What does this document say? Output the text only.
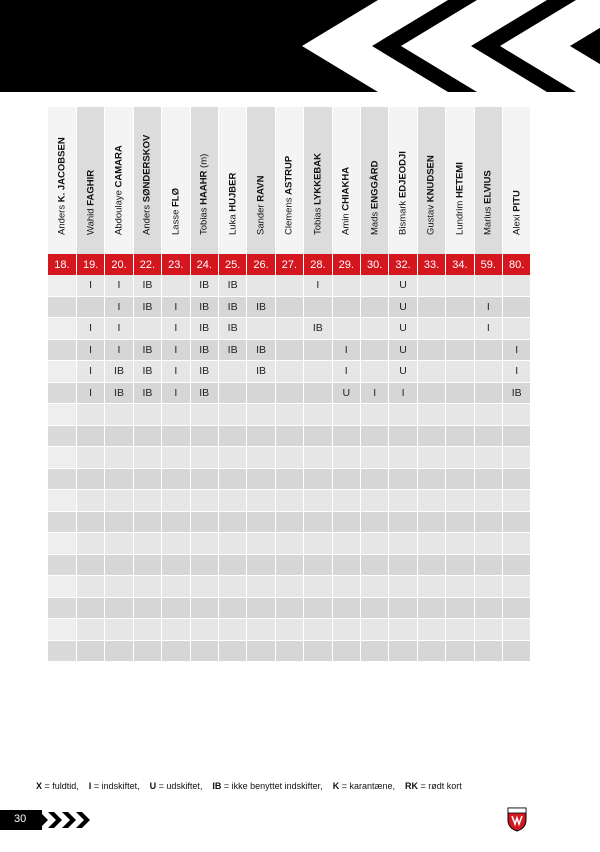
Anders K. JACOBSEN	Wahid FAGHIR	Abdoulaye CAMARA	Anders SØNDERSKOV	Lasse FLØ	Tobias HAAHR (m)	Luka HUJBER	Sander RAVN	Clemens ASTRUP	Tobias LYKKEBAK	Amin CHIAKHA	Mads ENGGÅRD	Bismark EDJEODJI	Gustav KNUDSEN	Lundrim HETEMI	Marius ELVIUS	Alexi PITU

18.	19.	20.	22.	23.	24.	25.	26.	27.	28.	29.	30.	32.	33.	34.	59.	80.
	I	I	IB		IB	IB			I			U				
		I	IB	I	IB	IB	IB					U			I	
	I	I		I	IB	IB			IB			U			I	
	I	I	IB	I	IB	IB	IB			I		U				I
	I	IB	IB	I	IB		IB			I		U				I
	I	IB	IB	I	IB					U	I	I				IB

X = fuldtid, I = indskiftet, U = udskiftet, IB = ikke benyttet indskifter, K = karantæne, RK = rødt kort
30
